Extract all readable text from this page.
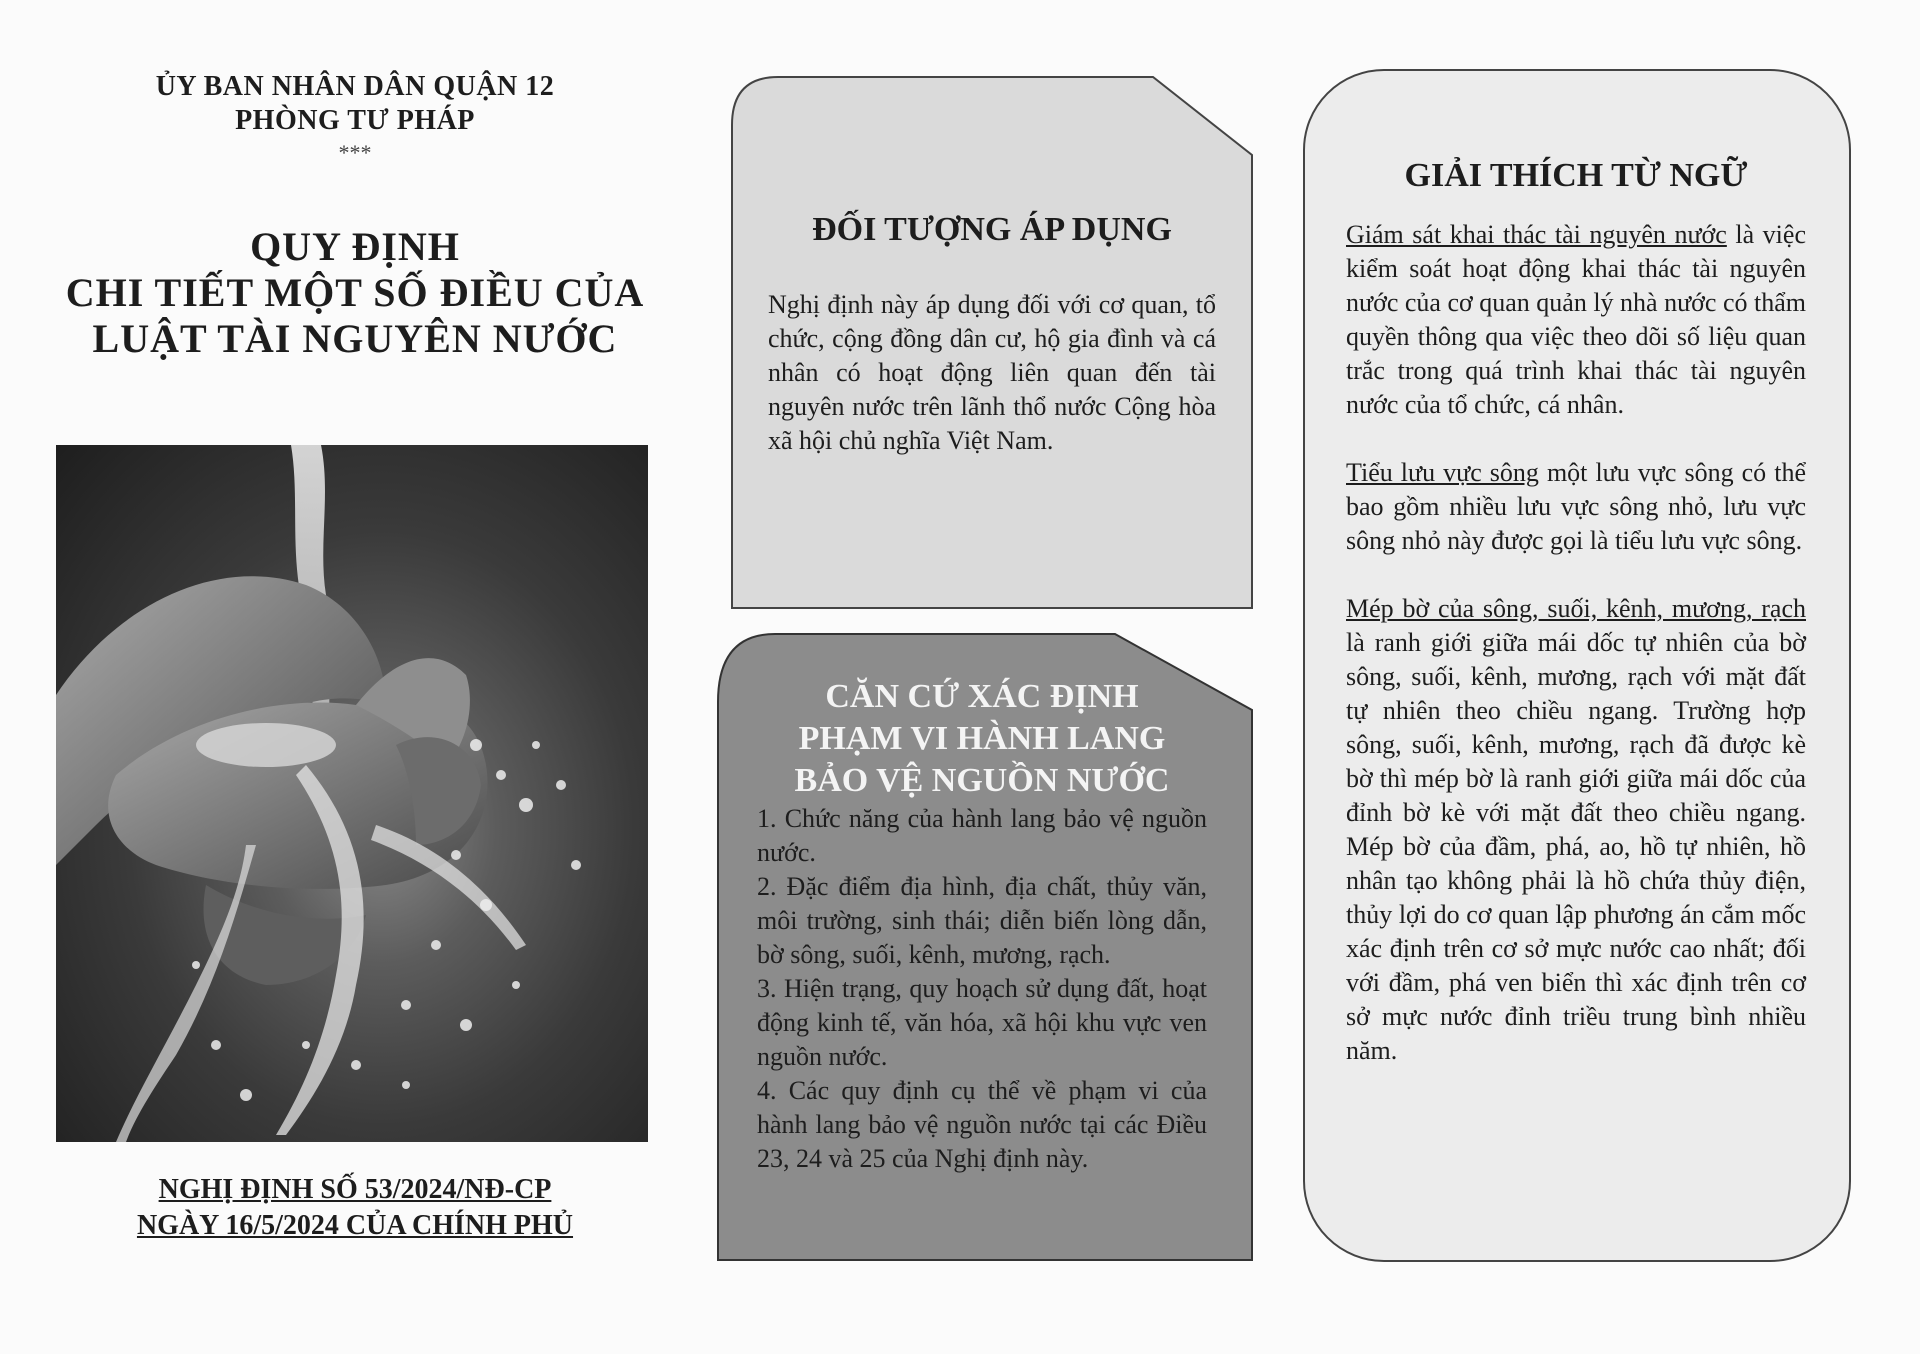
ỦY BAN NHÂN DÂN QUẬN 12
PHÒNG TƯ PHÁP
***
QUY ĐỊNH
CHI TIẾT MỘT SỐ ĐIỀU CỦA
LUẬT TÀI NGUYÊN NƯỚC
NGHỊ ĐỊNH SỐ 53/2024/NĐ-CP
NGÀY 16/5/2024 CỦA CHÍNH PHỦ
ĐỐI TƯỢNG ÁP DỤNG
Nghị định này áp dụng đối với cơ quan, tổ chức, cộng đồng dân cư, hộ gia đình và cá nhân có hoạt động liên quan đến tài nguyên nước trên lãnh thổ nước Cộng hòa xã hội chủ nghĩa Việt Nam.
CĂN CỨ XÁC ĐỊNH
PHẠM VI HÀNH LANG
BẢO VỆ NGUỒN NƯỚC
1. Chức năng của hành lang bảo vệ nguồn nước.
2. Đặc điểm địa hình, địa chất, thủy văn, môi trường, sinh thái; diễn biến lòng dẫn, bờ sông, suối, kênh, mương, rạch.
3. Hiện trạng, quy hoạch sử dụng đất, hoạt động kinh tế, văn hóa, xã hội khu vực ven nguồn nước.
4. Các quy định cụ thể về phạm vi của hành lang bảo vệ nguồn nước tại các Điều 23, 24 và 25 của Nghị định này.
GIẢI THÍCH TỪ NGỮ
Giám sát khai thác tài nguyên nước là việc kiểm soát hoạt động khai thác tài nguyên nước của cơ quan quản lý nhà nước có thẩm quyền thông qua việc theo dõi số liệu quan trắc trong quá trình khai thác tài nguyên nước của tổ chức, cá nhân.
Tiểu lưu vực sông một lưu vực sông có thể bao gồm nhiều lưu vực sông nhỏ, lưu vực sông nhỏ này được gọi là tiểu lưu vực sông.
Mép bờ của sông, suối, kênh, mương, rạch là ranh giới giữa mái dốc tự nhiên của bờ sông, suối, kênh, mương, rạch với mặt đất tự nhiên theo chiều ngang. Trường hợp sông, suối, kênh, mương, rạch đã được kè bờ thì mép bờ là ranh giới giữa mái dốc của đỉnh bờ kè với mặt đất theo chiều ngang. Mép bờ của đầm, phá, ao, hồ tự nhiên, hồ nhân tạo không phải là hồ chứa thủy điện, thủy lợi do cơ quan lập phương án cắm mốc xác định trên cơ sở mực nước cao nhất; đối với đầm, phá ven biển thì xác định trên cơ sở mực nước đỉnh triều trung bình nhiều năm.
